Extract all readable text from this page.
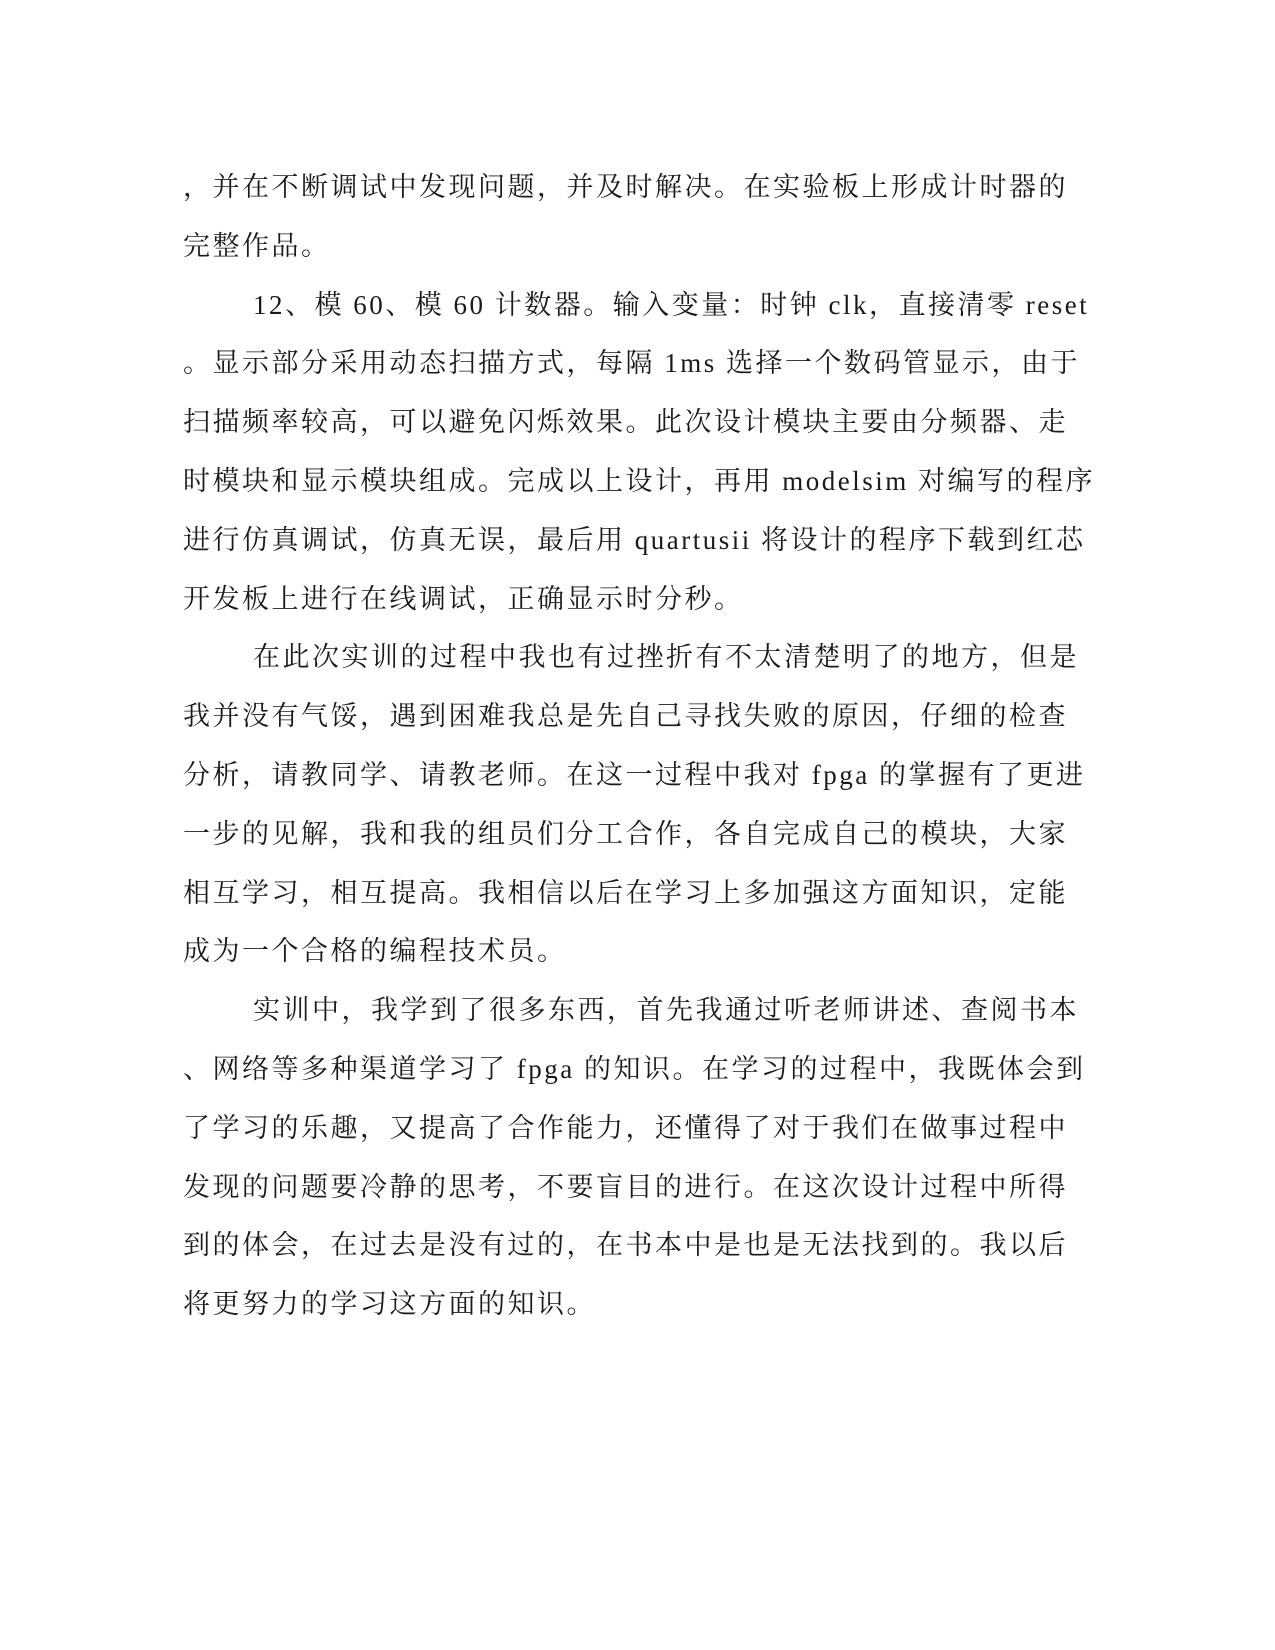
，并在不断调试中发现问题，并及时解决。在实验板上形成计时器的
完整作品。

12、模 60、模 60 计数器。输入变量：时钟 clk，直接清零 reset
。显示部分采用动态扫描方式，每隔 1ms 选择一个数码管显示，由于
扫描频率较高，可以避免闪烁效果。此次设计模块主要由分频器、走
时模块和显示模块组成。完成以上设计，再用 modelsim 对编写的程序
进行仿真调试，仿真无误，最后用 quartusii 将设计的程序下载到红芯
开发板上进行在线调试，正确显示时分秒。

在此次实训的过程中我也有过挫折有不太清楚明了的地方，但是
我并没有气馁，遇到困难我总是先自己寻找失败的原因，仔细的检查
分析，请教同学、请教老师。在这一过程中我对 fpga 的掌握有了更进
一步的见解，我和我的组员们分工合作，各自完成自己的模块，大家
相互学习，相互提高。我相信以后在学习上多加强这方面知识，定能
成为一个合格的编程技术员。

实训中，我学到了很多东西，首先我通过听老师讲述、查阅书本
、网络等多种渠道学习了 fpga 的知识。在学习的过程中，我既体会到
了学习的乐趣，又提高了合作能力，还懂得了对于我们在做事过程中
发现的问题要冷静的思考，不要盲目的进行。在这次设计过程中所得
到的体会，在过去是没有过的，在书本中是也是无法找到的。我以后
将更努力的学习这方面的知识。
